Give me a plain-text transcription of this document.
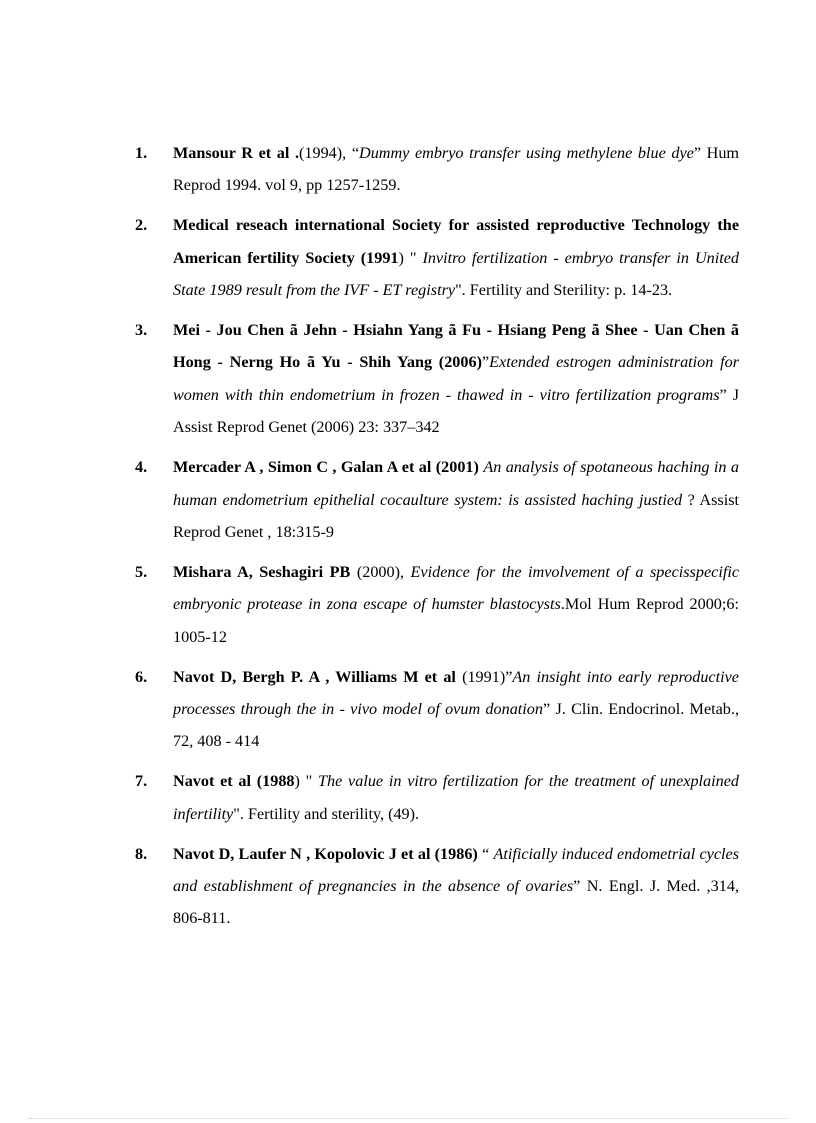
1.	Mansour R et al .(1994), “Dummy embryo transfer using methylene blue dye” Hum Reprod 1994. vol 9, pp 1257-1259.
2.	Medical reseach international Society for assisted reproductive Technology the American fertility Society (1991) " Invitro fertilization - embryo transfer in United State 1989 result from the IVF - ET registry". Fertility and Sterility: p. 14-23.
3.	Mei - Jou Chen ã Jehn - Hsiahn Yang ã Fu - Hsiang Peng ã Shee - Uan Chen ã Hong - Nerng Ho ã Yu - Shih Yang (2006)”Extended estrogen administration for women with thin endometrium in frozen - thawed in - vitro fertilization programs” J Assist Reprod Genet (2006) 23: 337–342
4.	Mercader A , Simon C , Galan A et al (2001) An analysis of spotaneous haching in a human endometrium epithelial cocaulture system: is assisted haching justied ? Assist Reprod Genet , 18:315-9
5.	Mishara A, Seshagiri PB (2000), Evidence for the imvolvement of a specisspecific embryonic protease in zona escape of humster blastocysts.Mol Hum Reprod 2000;6: 1005-12
6.	Navot D, Bergh P. A , Williams M et al (1991)”An insight into early reproductive processes through the in - vivo model of ovum donation” J. Clin. Endocrinol. Metab., 72, 408 - 414
7.	Navot et al (1988) " The value in vitro fertilization for the treatment of unexplained infertility". Fertility and sterility, (49).
8.	Navot D, Laufer N , Kopolovic J et al (1986) “ Atificially induced endometrial cycles and establishment of pregnancies in the absence of ovaries” N. Engl. J. Med. ,314, 806-811.
